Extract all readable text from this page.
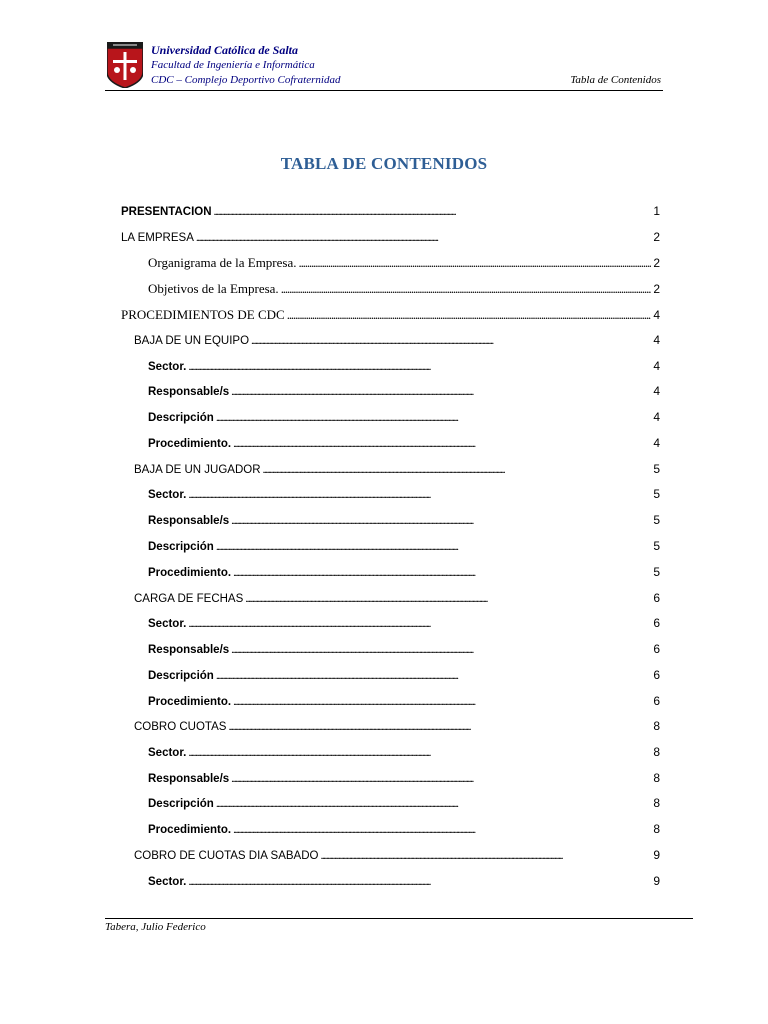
Universidad Católica de Salta
Facultad de Ingeniería e Informática
CDC – Complejo Deportivo Cofraternidad	Tabla de Contenidos
TABLA DE CONTENIDOS
PRESENTACION . . .	1
LA EMPRESA . . .	2
Organigrama de la Empresa. . . .	2
Objetivos de la Empresa. . . .	2
PROCEDIMIENTOS DE CDC . . .	4
BAJA DE UN EQUIPO . . .	4
Sector. . . .	4
Responsable/s . . .	4
Descripción . . .	4
Procedimiento. . . .	4
BAJA DE UN JUGADOR . . .	5
Sector. . . .	5
Responsable/s . . .	5
Descripción . . .	5
Procedimiento. . . .	5
CARGA DE FECHAS . . .	6
Sector. . . .	6
Responsable/s . . .	6
Descripción . . .	6
Procedimiento. . . .	6
COBRO CUOTAS . . .	8
Sector. . . .	8
Responsable/s . . .	8
Descripción . . .	8
Procedimiento. . . .	8
COBRO DE CUOTAS DIA SABADO . . .	9
Sector. . . .	9
Tabera, Julio Federico
